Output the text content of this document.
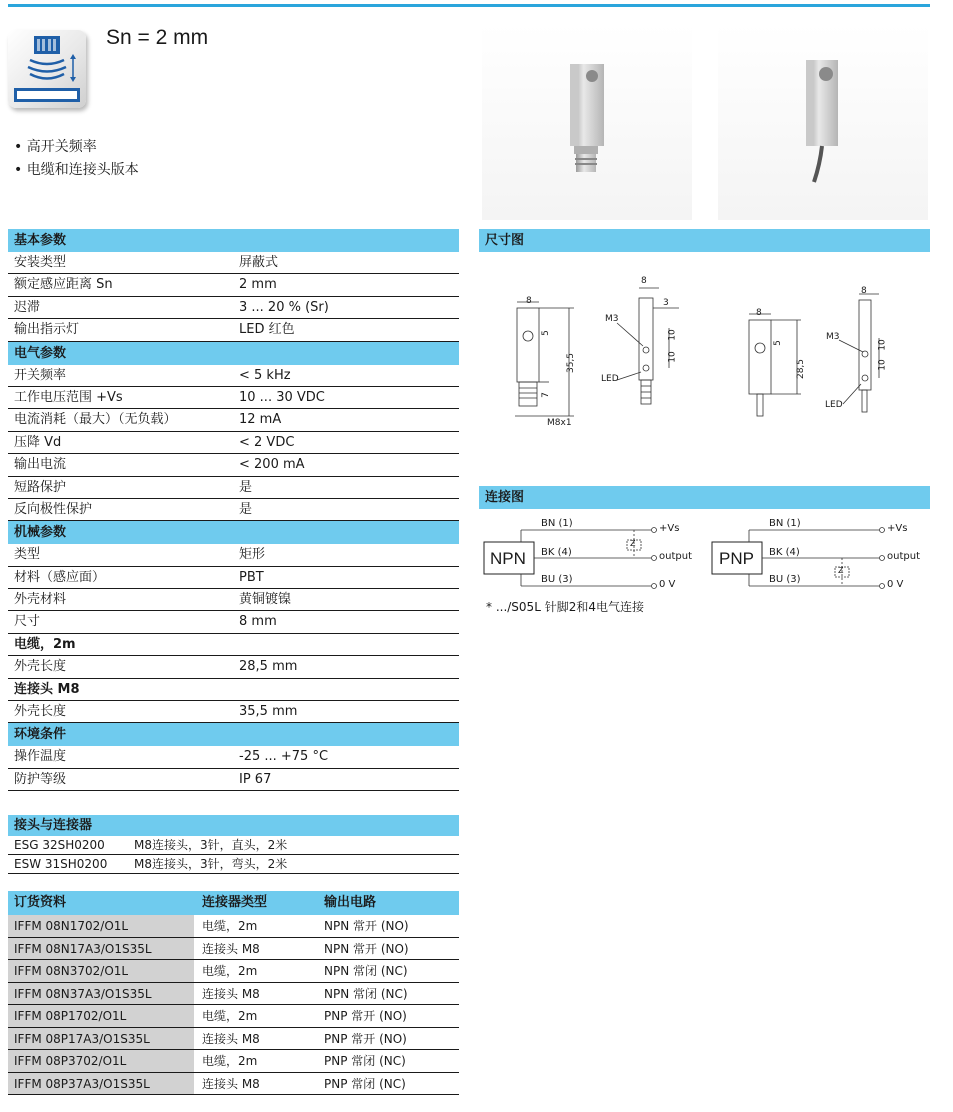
Sn = 2 mm
• 高开关频率
• 电缆和连接头版本
基本参数
安装类型	屏蔽式
额定感应距离 Sn	2 mm
迟滞	3 ... 20 % (Sr)
输出指示灯	LED 红色
电气参数
开关频率	< 5 kHz
工作电压范围 +Vs	10 ... 30 VDC
电流消耗（最大）（无负载）	12 mA
压降 Vd	< 2 VDC
输出电流	< 200 mA
短路保护	是
反向极性保护	是
机械参数
类型	矩形
材料（感应面）	PBT
外壳材料	黄铜镀镍
尺寸	8 mm
电缆，2m
外壳长度	28,5 mm
连接头 M8
外壳长度	35,5 mm
环境条件
操作温度	-25 ... +75 °C
防护等级	IP 67
接头与连接器
ESG 32SH0200	M8连接头，3针，直头，2米
ESW 31SH0200	M8连接头，3针，弯头，2米
订货资料	连接器类型	输出电路
IFFM 08N1702/O1L	电缆，2m	NPN 常开 (NO)
IFFM 08N17A3/O1S35L	连接头 M8	NPN 常开 (NO)
IFFM 08N3702/O1L	电缆，2m	NPN 常闭 (NC)
IFFM 08N37A3/O1S35L	连接头 M8	NPN 常闭 (NC)
IFFM 08P1702/O1L	电缆，2m	PNP 常开 (NO)
IFFM 08P17A3/O1S35L	连接头 M8	PNP 常开 (NO)
IFFM 08P3702/O1L	电缆，2m	PNP 常闭 (NC)
IFFM 08P37A3/O1S35L	连接头 M8	PNP 常闭 (NC)
尺寸图
8
5
35,5
7
M8x1
8
3
M3
10
10
LED
8
5
28,5
8
M3
10
10
LED
连接图
NPN
BN (1)
BK (4)
BU (3)
Z
+Vs
output
0 V
PNP
BN (1)
BK (4)
BU (3)
Z
+Vs
output
0 V
* .../S05L 针脚2和4电气连接
